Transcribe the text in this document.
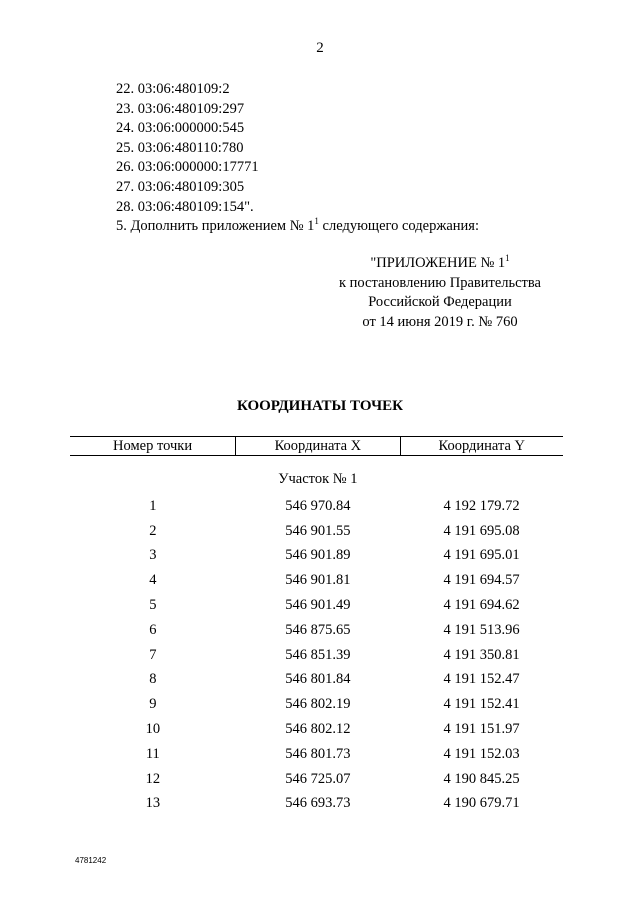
2
22. 03:06:480109:2
23. 03:06:480109:297
24. 03:06:000000:545
25. 03:06:480110:780
26. 03:06:000000:17771
27. 03:06:480109:305
28. 03:06:480109:154".
5. Дополнить приложением № $1^1$ следующего содержания:
"ПРИЛОЖЕНИЕ № $1^1$
к постановлению Правительства
Российской Федерации
от 14 июня 2019 г. № 760
КООРДИНАТЫ ТОЧЕК
Номер точки	Координата X	Координата Y
	Участок № 1	
1	546 970.84	4 192 179.72
2	546 901.55	4 191 695.08
3	546 901.89	4 191 695.01
4	546 901.81	4 191 694.57
5	546 901.49	4 191 694.62
6	546 875.65	4 191 513.96
7	546 851.39	4 191 350.81
8	546 801.84	4 191 152.47
9	546 802.19	4 191 152.41
10	546 802.12	4 191 151.97
11	546 801.73	4 191 152.03
12	546 725.07	4 190 845.25
13	546 693.73	4 190 679.71
4781242
